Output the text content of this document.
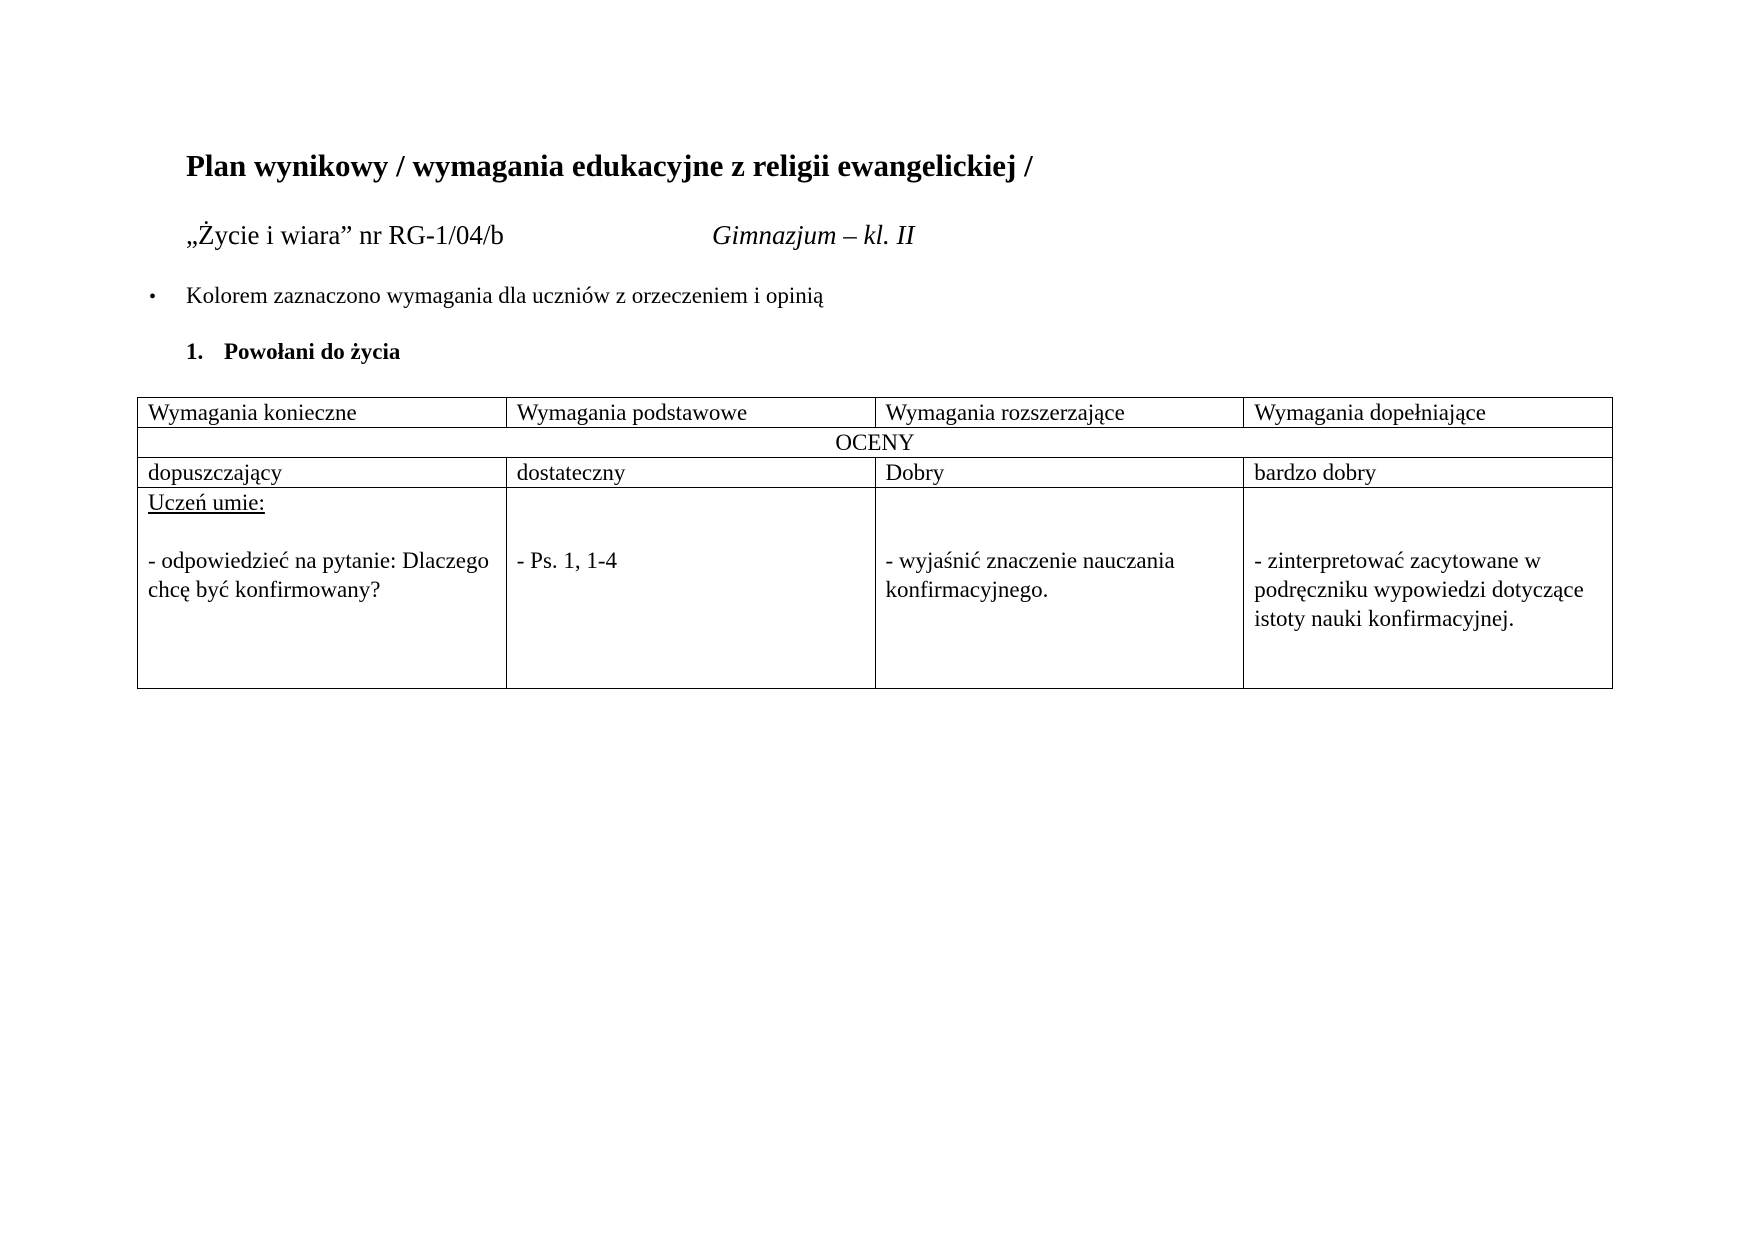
Plan wynikowy / wymagania edukacyjne z religii ewangelickiej /
„Życie i wiara” nr RG-1/04/b	Gimnazjum – kl. II
•	Kolorem zaznaczono wymagania dla uczniów z orzeczeniem i opinią
1. Powołani do życia
Wymagania konieczne	Wymagania podstawowe	Wymagania rozszerzające	Wymagania dopełniające
OCENY			
dopuszczający	dostateczny	Dobry	bardzo dobry

Uczeń umie:
- odpowiedzieć na pytanie: Dlaczego chcę być konfirmowany?	- Ps. 1, 1-4	- wyjaśnić znaczenie nauczania konfirmacyjnego.	- zinterpretować zacytowane w podręczniku wypowiedzi dotyczące istoty nauki konfirmacyjnej.
